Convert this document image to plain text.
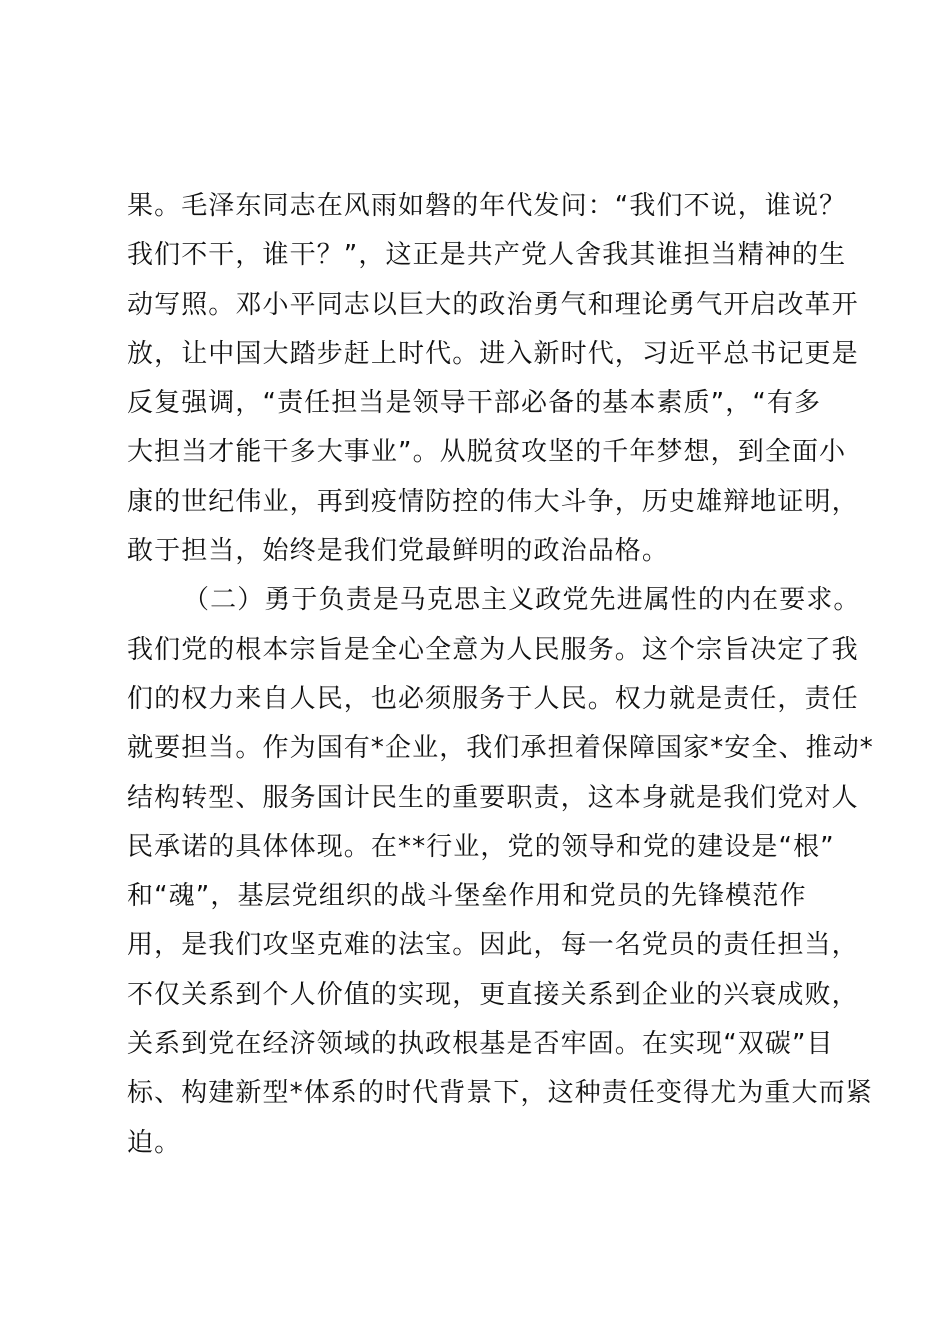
果。毛泽东同志在风雨如磐的年代发问：“我们不说，谁说？
我们不干，谁干？”，这正是共产党人舍我其谁担当精神的生
动写照。邓小平同志以巨大的政治勇气和理论勇气开启改革开
放，让中国大踏步赶上时代。进入新时代，习近平总书记更是
反复强调，“责任担当是领导干部必备的基本素质”，“有多
大担当才能干多大事业”。从脱贫攻坚的千年梦想，到全面小
康的世纪伟业，再到疫情防控的伟大斗争，历史雄辩地证明，
敢于担当，始终是我们党最鲜明的政治品格。
（二）勇于负责是马克思主义政党先进属性的内在要求。
我们党的根本宗旨是全心全意为人民服务。这个宗旨决定了我
们的权力来自人民，也必须服务于人民。权力就是责任，责任
就要担当。作为国有*企业，我们承担着保障国家*安全、推动*
结构转型、服务国计民生的重要职责，这本身就是我们党对人
民承诺的具体体现。在**行业，党的领导和党的建设是“根”
和“魂”，基层党组织的战斗堡垒作用和党员的先锋模范作
用，是我们攻坚克难的法宝。因此，每一名党员的责任担当，
不仅关系到个人价值的实现，更直接关系到企业的兴衰成败，
关系到党在经济领域的执政根基是否牢固。在实现“双碳”目
标、构建新型*体系的时代背景下，这种责任变得尤为重大而紧
迫。
